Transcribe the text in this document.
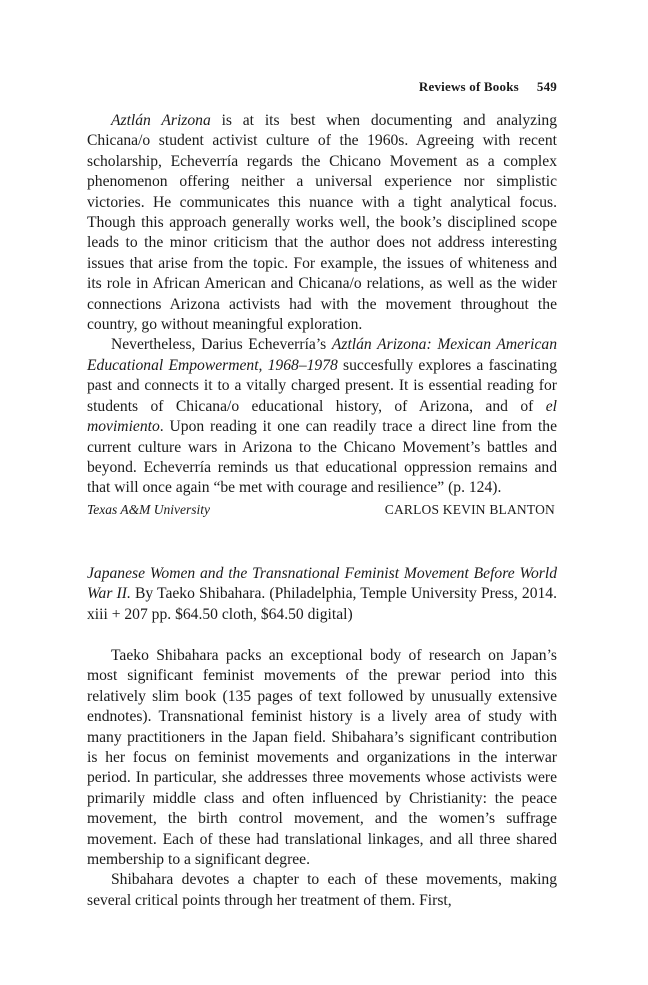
Reviews of Books 549

Aztlán Arizona is at its best when documenting and analyzing Chicana/o student activist culture of the 1960s. Agreeing with recent scholarship, Echeverría regards the Chicano Movement as a complex phenomenon offering neither a universal experience nor simplistic victories. He communicates this nuance with a tight analytical focus. Though this approach generally works well, the book’s disciplined scope leads to the minor criticism that the author does not address interesting issues that arise from the topic. For example, the issues of whiteness and its role in African American and Chicana/o relations, as well as the wider connections Arizona activists had with the movement throughout the country, go without meaningful exploration.

Nevertheless, Darius Echeverría’s Aztlán Arizona: Mexican American Educational Empowerment, 1968–1978 succesfully explores a fascinating past and connects it to a vitally charged present. It is essential reading for students of Chicana/o educational history, of Arizona, and of el movimiento. Upon reading it one can readily trace a direct line from the current culture wars in Arizona to the Chicano Movement’s battles and beyond. Echeverría reminds us that educational oppression remains and that will once again “be met with courage and resilience” (p. 124).

Texas A&M University	CARLOS KEVIN BLANTON

Japanese Women and the Transnational Feminist Movement Before World War II. By Taeko Shibahara. (Philadelphia, Temple University Press, 2014. xiii + 207 pp. $64.50 cloth, $64.50 digital)

Taeko Shibahara packs an exceptional body of research on Japan’s most significant feminist movements of the prewar period into this relatively slim book (135 pages of text followed by unusually extensive endnotes). Transnational feminist history is a lively area of study with many practitioners in the Japan field. Shibahara’s significant contribution is her focus on feminist movements and organizations in the interwar period. In particular, she addresses three movements whose activists were primarily middle class and often influenced by Christianity: the peace movement, the birth control movement, and the women’s suffrage movement. Each of these had translational linkages, and all three shared membership to a significant degree.

Shibahara devotes a chapter to each of these movements, making several critical points through her treatment of them. First,
